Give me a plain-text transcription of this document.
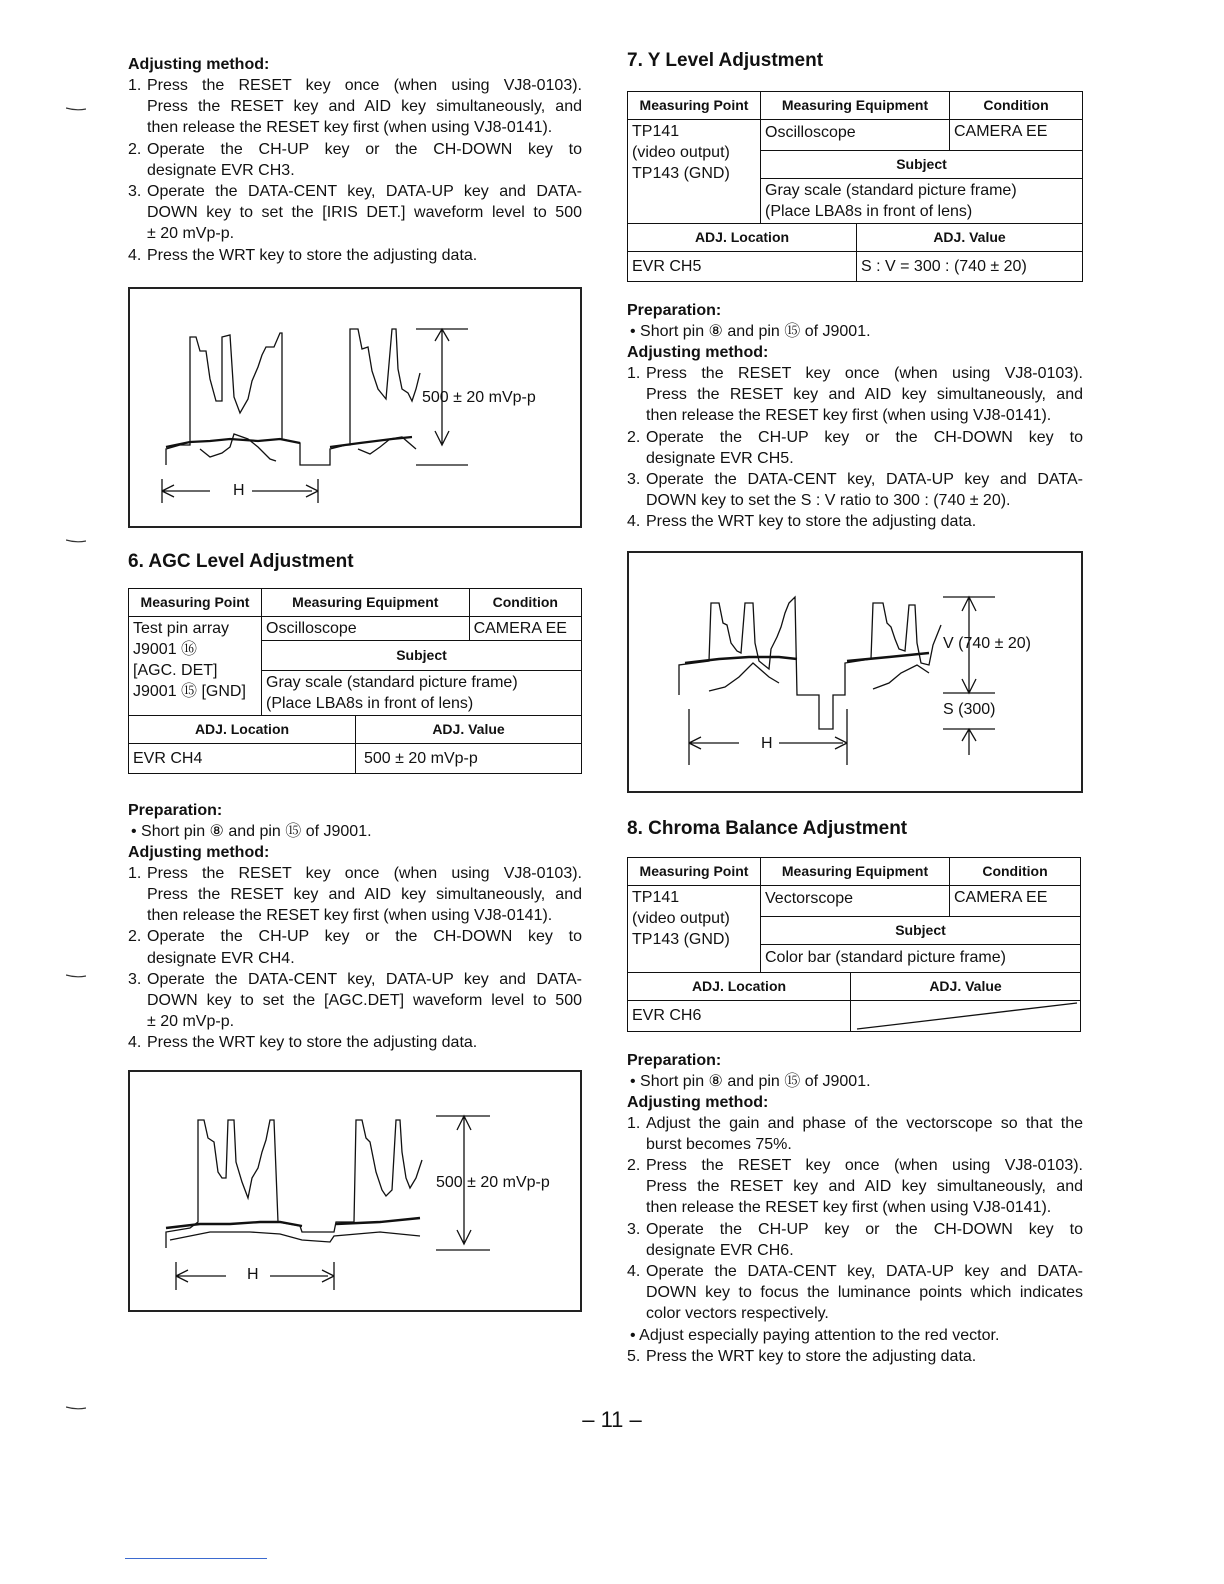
Adjusting method:

1. Press the RESET key once (when using VJ8-0103).

Press the RESET key and AID key simultaneously, and

then release the RESET key first (when using VJ8-0141).

2. Operate the CH-UP key or the CH-DOWN key to

designate EVR CH3.

3. Operate the DATA-CENT key, DATA-UP key and DATA-

DOWN key to set the [IRIS DET.] waveform level to 500

± 20 mVp-p.

4. Press the WRT key to store the adjusting data.

500 ± 20 mVp-p
H

6. AGC Level Adjustment

Measuring Point	Measuring Equipment	Condition

Test pin array
J9001 ⑯
[AGC. DET]
J9001 ⑮ [GND]	Oscilloscope	CAMERA EE
	Subject	

	Gray scale (standard picture frame)
(Place LBA8s in front of lens)	
ADJ. Location	ADJ. Value
EVR CH4	500 ± 20 mVp-p

Preparation:

• Short pin ⑧ and pin ⑮ of J9001.

Adjusting method:

1. Press the RESET key once (when using VJ8-0103).

Press the RESET key and AID key simultaneously, and

then release the RESET key first (when using VJ8-0141).

2. Operate the CH-UP key or the CH-DOWN key to

designate EVR CH4.

3. Operate the DATA-CENT key, DATA-UP key and DATA-

DOWN key to set the [AGC.DET] waveform level to 500

± 20 mVp-p.

4. Press the WRT key to store the adjusting data.

500 ± 20 mVp-p
H

7. Y Level Adjustment

Measuring Point	Measuring Equipment	Condition

TP141
(video output)
TP143 (GND)	Oscilloscope	CAMERA EE
	Subject	

	Gray scale (standard picture frame)
(Place LBA8s in front of lens)	
ADJ. Location	ADJ. Value
EVR CH5	S : V = 300 : (740 ± 20)

Preparation:

• Short pin ⑧ and pin ⑮ of J9001.

Adjusting method:

1. Press the RESET key once (when using VJ8-0103).

Press the RESET key and AID key simultaneously, and

then release the RESET key first (when using VJ8-0141).

2. Operate the CH-UP key or the CH-DOWN key to

designate EVR CH5.

3. Operate the DATA-CENT key, DATA-UP key and DATA-

DOWN key to set the S : V ratio to 300 : (740 ± 20).

4. Press the WRT key to store the adjusting data.

V (740 ± 20)
S (300)
H

8. Chroma Balance Adjustment

Measuring Point	Measuring Equipment	Condition

TP141
(video output)
TP143 (GND)	Vectorscope	CAMERA EE
	Subject	

	Color bar (standard picture frame)	
ADJ. Location	ADJ. Value
EVR CH6	

Preparation:

• Short pin ⑧ and pin ⑮ of J9001.

Adjusting method:

1. Adjust the gain and phase of the vectorscope so that the

burst becomes 75%.

2. Press the RESET key once (when using VJ8-0103).

Press the RESET key and AID key simultaneously, and

then release the RESET key first (when using VJ8-0141).

3. Operate the CH-UP key or the CH-DOWN key to

designate EVR CH6.

4. Operate the DATA-CENT key, DATA-UP key and DATA-

DOWN key to focus the luminance points which indicates

color vectors respectively.

• Adjust especially paying attention to the red vector.

5. Press the WRT key to store the adjusting data.

– 11 –
